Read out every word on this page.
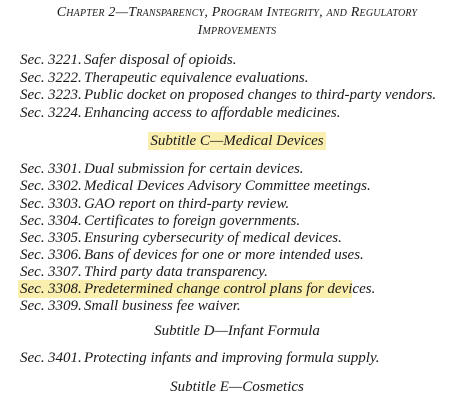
Chapter 2—Transparency, Program Integrity, and Regulatory
Improvements
Sec. 3221. Safer disposal of opioids.
Sec. 3222. Therapeutic equivalence evaluations.
Sec. 3223. Public docket on proposed changes to third-party vendors.
Sec. 3224. Enhancing access to affordable medicines.
Subtitle C—Medical Devices
Sec. 3301. Dual submission for certain devices.
Sec. 3302. Medical Devices Advisory Committee meetings.
Sec. 3303. GAO report on third-party review.
Sec. 3304. Certificates to foreign governments.
Sec. 3305. Ensuring cybersecurity of medical devices.
Sec. 3306. Bans of devices for one or more intended uses.
Sec. 3307. Third party data transparency.
Sec. 3308. Predetermined change control plans for devices.
Sec. 3309. Small business fee waiver.
Subtitle D—Infant Formula
Sec. 3401. Protecting infants and improving formula supply.
Subtitle E—Cosmetics
